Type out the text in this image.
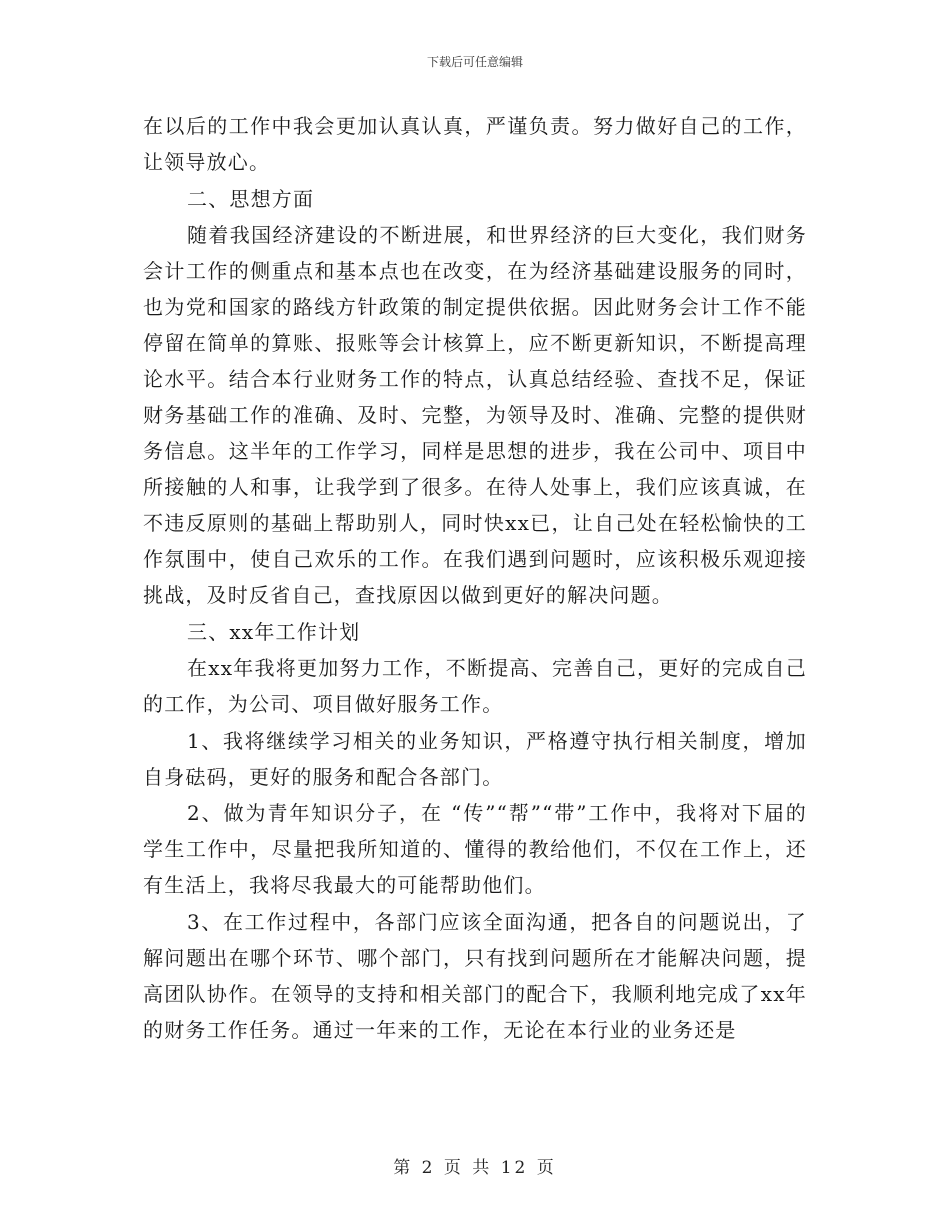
下载后可任意编辑

在以后的工作中我会更加认真认真，严谨负责。努力做好自己的工作，让领导放心。

二、思想方面

随着我国经济建设的不断进展，和世界经济的巨大变化，我们财务会计工作的侧重点和基本点也在改变，在为经济基础建设服务的同时，也为党和国家的路线方针政策的制定提供依据。因此财务会计工作不能停留在简单的算账、报账等会计核算上，应不断更新知识，不断提高理论水平。结合本行业财务工作的特点，认真总结经验、查找不足，保证财务基础工作的准确、及时、完整，为领导及时、准确、完整的提供财务信息。这半年的工作学习，同样是思想的进步，我在公司中、项目中所接触的人和事，让我学到了很多。在待人处事上，我们应该真诚，在不违反原则的基础上帮助别人，同时快xx已，让自己处在轻松愉快的工作氛围中，使自己欢乐的工作。在我们遇到问题时，应该积极乐观迎接挑战，及时反省自己，查找原因以做到更好的解决问题。

三、xx年工作计划

在xx年我将更加努力工作，不断提高、完善自己，更好的完成自己的工作，为公司、项目做好服务工作。

1、我将继续学习相关的业务知识，严格遵守执行相关制度，增加自身砝码，更好的服务和配合各部门。

2、做为青年知识分子，在 “传”“帮”“带”工作中，我将对下届的学生工作中，尽量把我所知道的、懂得的教给他们，不仅在工作上，还有生活上，我将尽我最大的可能帮助他们。

3、在工作过程中，各部门应该全面沟通，把各自的问题说出，了解问题出在哪个环节、哪个部门，只有找到问题所在才能解决问题，提高团队协作。在领导的支持和相关部门的配合下，我顺利地完成了xx年的财务工作任务。通过一年来的工作，无论在本行业的业务还是

第 2 页 共 12 页
